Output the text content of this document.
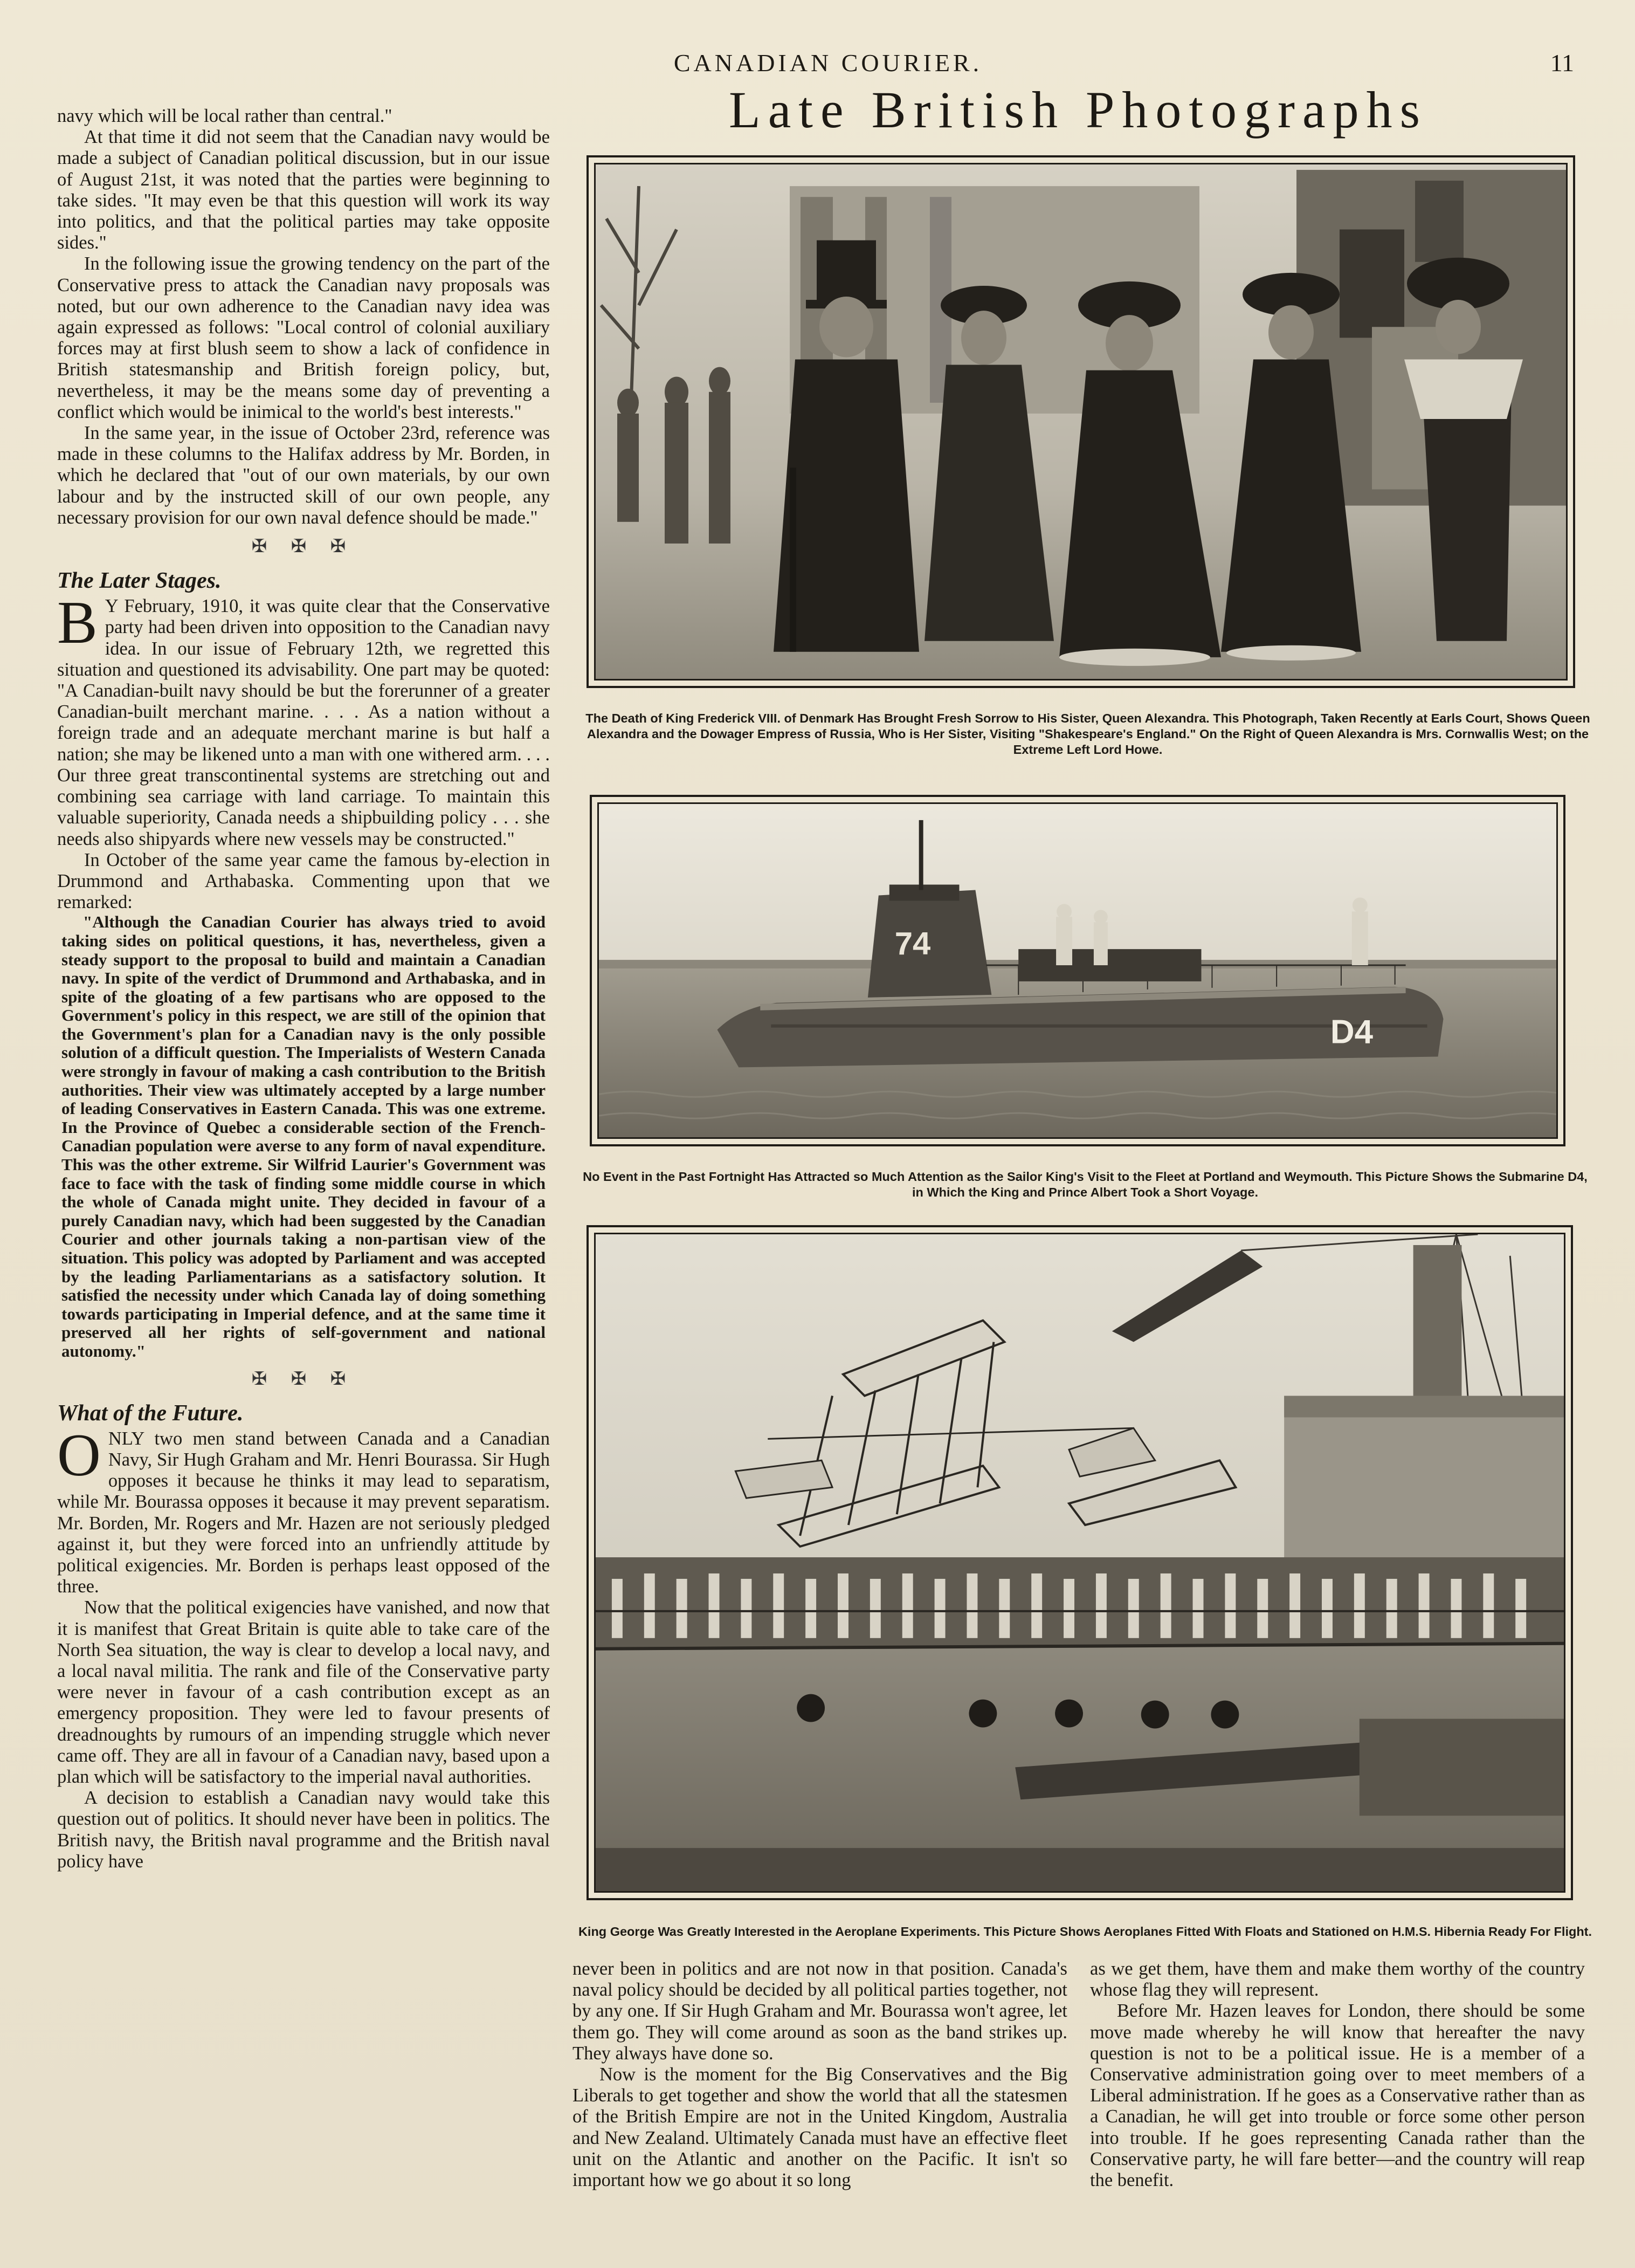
CANADIAN COURIER.	11
Late British Photographs

navy which will be local rather than central."

At that time it did not seem that the Canadian navy would be made a subject of Canadian political discussion, but in our issue of August 21st, it was noted that the parties were beginning to take sides. "It may even be that this question will work its way into politics, and that the political parties may take opposite sides."

In the following issue the growing tendency on the part of the Conservative press to attack the Canadian navy proposals was noted, but our own adherence to the Canadian navy idea was again expressed as follows: "Local control of colonial auxiliary forces may at first blush seem to show a lack of confidence in British statesmanship and British foreign policy, but, nevertheless, it may be the means some day of preventing a conflict which would be inimical to the world's best interests."

In the same year, in the issue of October 23rd, reference was made in these columns to the Halifax address by Mr. Borden, in which he declared that "out of our own materials, by our own labour and by the instructed skill of our own people, any necessary provision for our own naval defence should be made."

✠ ✠ ✠
The Later Stages.

B Y February, 1910, it was quite clear that the Conservative party had been driven into opposition to the Canadian navy idea. In our issue of February 12th, we regretted this situation and questioned its advisability. One part may be quoted: "A Canadian-built navy should be but the forerunner of a greater Canadian-built merchant marine. . . . As a nation without a foreign trade and an adequate merchant marine is but half a nation; she may be likened unto a man with one withered arm. . . . Our three great transcontinental systems are stretching out and combining sea carriage with land carriage. To maintain this valuable superiority, Canada needs a shipbuilding policy . . . she needs also shipyards where new vessels may be constructed."

In October of the same year came the famous by-election in Drummond and Arthabaska. Commenting upon that we remarked:

"Although the Canadian Courier has always tried to avoid taking sides on political questions, it has, nevertheless, given a steady support to the proposal to build and maintain a Canadian navy. In spite of the verdict of Drummond and Arthabaska, and in spite of the gloating of a few partisans who are opposed to the Government's policy in this respect, we are still of the opinion that the Government's plan for a Canadian navy is the only possible solution of a difficult question. The Imperialists of Western Canada were strongly in favour of making a cash contribution to the British authorities. Their view was ultimately accepted by a large number of leading Conservatives in Eastern Canada. This was one extreme. In the Province of Quebec a considerable section of the French-Canadian population were averse to any form of naval expenditure. This was the other extreme. Sir Wilfrid Laurier's Government was face to face with the task of finding some middle course in which the whole of Canada might unite. They decided in favour of a purely Canadian navy, which had been suggested by the Canadian Courier and other journals taking a non-partisan view of the situation. This policy was adopted by Parliament and was accepted by the leading Parliamentarians as a satisfactory solution. It satisfied the necessity under which Canada lay of doing something towards participating in Imperial defence, and at the same time it preserved all her rights of self-government and national autonomy."

✠ ✠ ✠
What of the Future.

ONLY two men stand between Canada and a Canadian Navy, Sir Hugh Graham and Mr. Henri Bourassa. Sir Hugh opposes it because he thinks it may lead to separatism, while Mr. Bourassa opposes it because it may prevent separatism. Mr. Borden, Mr. Rogers and Mr. Hazen are not seriously pledged against it, but they were forced into an unfriendly attitude by political exigencies. Mr. Borden is perhaps least opposed of the three.

Now that the political exigencies have vanished, and now that it is manifest that Great Britain is quite able to take care of the North Sea situation, the way is clear to develop a local navy, and a local naval militia. The rank and file of the Conservative party were never in favour of a cash contribution except as an emergency proposition. They were led to favour presents of dreadnoughts by rumours of an impending struggle which never came off. They are all in favour of a Canadian navy, based upon a plan which will be satisfactory to the imperial naval authorities.

A decision to establish a Canadian navy would take this question out of politics. It should never have been in politics. The British navy, the British naval programme and the British naval policy have

The Death of King Frederick VIII. of Denmark Has Brought Fresh Sorrow to His Sister, Queen Alexandra. This Photograph, Taken Recently at Earls Court, Shows Queen Alexandra and the Dowager Empress of Russia, Who is Her Sister, Visiting "Shakespeare's England." On the Right of Queen Alexandra is Mrs. Cornwallis West; on the Extreme Left Lord Howe.
D4
74
No Event in the Past Fortnight Has Attracted so Much Attention as the Sailor King's Visit to the Fleet at Portland and Weymouth. This Picture Shows the Submarine D4, in Which the King and Prince Albert Took a Short Voyage.
King George Was Greatly Interested in the Aeroplane Experiments. This Picture Shows Aeroplanes Fitted With Floats and Stationed on H.M.S. Hibernia Ready For Flight.

never been in politics and are not now in that position. Canada's naval policy should be decided by all political parties together, not by any one. If Sir Hugh Graham and Mr. Bourassa won't agree, let them go. They will come around as soon as the band strikes up. They always have done so.

Now is the moment for the Big Conservatives and the Big Liberals to get together and show the world that all the statesmen of the British Empire are not in the United Kingdom, Australia and New Zealand. Ultimately Canada must have an effective fleet unit on the Atlantic and another on the Pacific. It isn't so important how we go about it so long

as we get them, have them and make them worthy of the country whose flag they will represent.

Before Mr. Hazen leaves for London, there should be some move made whereby he will know that hereafter the navy question is not to be a political issue. He is a member of a Conservative administration going over to meet members of a Liberal administration. If he goes as a Conservative rather than as a Canadian, he will get into trouble or force some other person into trouble. If he goes representing Canada rather than the Conservative party, he will fare better—and the country will reap the benefit.
